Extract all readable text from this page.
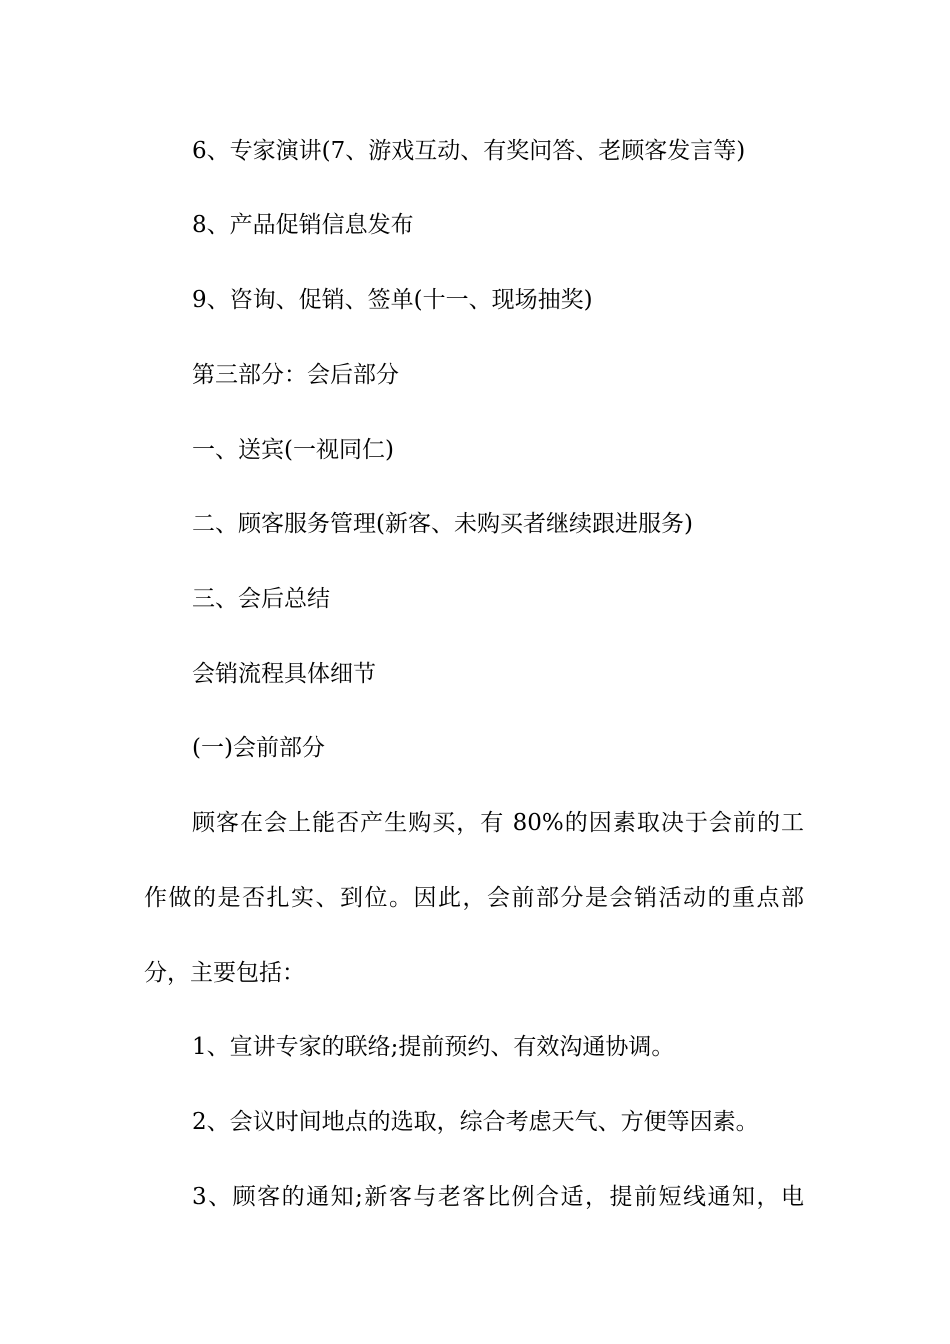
6、专家演讲(7、游戏互动、有奖问答、老顾客发言等)

8、产品促销信息发布

9、咨询、促销、签单(十一、现场抽奖)

第三部分：会后部分

一、送宾(一视同仁)

二、顾客服务管理(新客、未购买者继续跟进服务)

三、会后总结

会销流程具体细节

(一)会前部分

顾客在会上能否产生购买，有 80%的因素取决于会前的工

作做的是否扎实、到位。因此，会前部分是会销活动的重点部

分，主要包括：

1、宣讲专家的联络;提前预约、有效沟通协调。

2、会议时间地点的选取，综合考虑天气、方便等因素。

3、顾客的通知;新客与老客比例合适，提前短线通知，电
